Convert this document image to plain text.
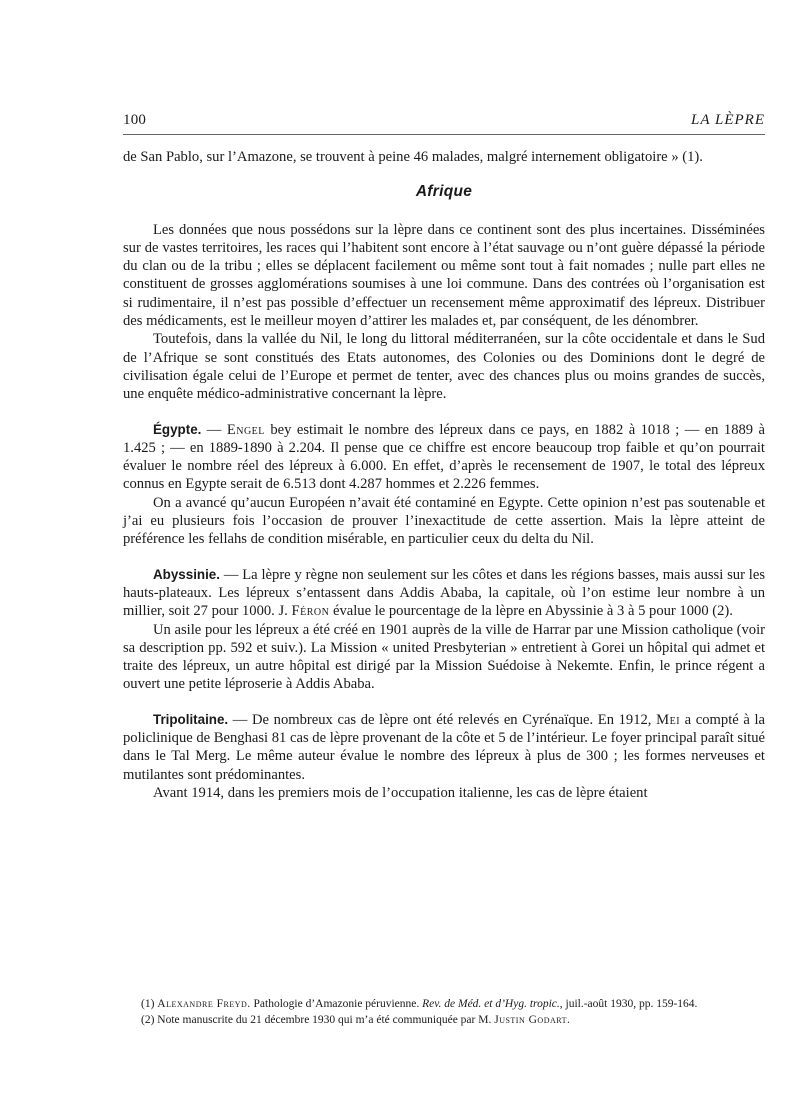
100	LA LÈPRE

de San Pablo, sur l’Amazone, se trouvent à peine 46 malades, malgré internement obligatoire » (1).

Afrique

Les données que nous possédons sur la lèpre dans ce continent sont des plus incertaines. Disséminées sur de vastes territoires, les races qui l’habitent sont encore à l’état sauvage ou n’ont guère dépassé la période du clan ou de la tribu ; elles se déplacent facilement ou même sont tout à fait nomades ; nulle part elles ne constituent de grosses agglomérations soumises à une loi commune. Dans des contrées où l’organisation est si rudimentaire, il n’est pas possible d’effectuer un recensement même approximatif des lépreux. Distribuer des médicaments, est le meilleur moyen d’attirer les malades et, par conséquent, de les dénombrer.

Toutefois, dans la vallée du Nil, le long du littoral méditerranéen, sur la côte occidentale et dans le Sud de l’Afrique se sont constitués des Etats autonomes, des Colonies ou des Dominions dont le degré de civilisation égale celui de l’Europe et permet de tenter, avec des chances plus ou moins grandes de succès, une enquête médico-administrative concernant la lèpre.

Égypte. — Engel bey estimait le nombre des lépreux dans ce pays, en 1882 à 1018 ; — en 1889 à 1.425 ; — en 1889-1890 à 2.204. Il pense que ce chiffre est encore beaucoup trop faible et qu’on pourrait évaluer le nombre réel des lépreux à 6.000. En effet, d’après le recensement de 1907, le total des lépreux connus en Egypte serait de 6.513 dont 4.287 hommes et 2.226 femmes.

On a avancé qu’aucun Européen n’avait été contaminé en Egypte. Cette opinion n’est pas soutenable et j’ai eu plusieurs fois l’occasion de prouver l’inexactitude de cette assertion. Mais la lèpre atteint de préférence les fellahs de condition misérable, en particulier ceux du delta du Nil.

Abyssinie. — La lèpre y règne non seulement sur les côtes et dans les régions basses, mais aussi sur les hauts-plateaux. Les lépreux s’entassent dans Addis Ababa, la capitale, où l’on estime leur nombre à un millier, soit 27 pour 1000. J. Féron évalue le pourcentage de la lèpre en Abyssinie à 3 à 5 pour 1000 (2).

Un asile pour les lépreux a été créé en 1901 auprès de la ville de Harrar par une Mission catholique (voir sa description pp. 592 et suiv.). La Mission « united Presbyterian » entretient à Gorei un hôpital qui admet et traite des lépreux, un autre hôpital est dirigé par la Mission Suédoise à Nekemte. Enfin, le prince régent a ouvert une petite léproserie à Addis Ababa.

Tripolitaine. — De nombreux cas de lèpre ont été relevés en Cyrénaïque. En 1912, Mei a compté à la policlinique de Benghasi 81 cas de lèpre provenant de la côte et 5 de l’intérieur. Le foyer principal paraît situé dans le Tal Merg. Le même auteur évalue le nombre des lépreux à plus de 300 ; les formes nerveuses et mutilantes sont prédominantes.

Avant 1914, dans les premiers mois de l’occupation italienne, les cas de lèpre étaient

(1) Alexandre Freyd. Pathologie d’Amazonie péruvienne. Rev. de Méd. et d’Hyg. tropic., juil.-août 1930, pp. 159-164.

(2) Note manuscrite du 21 décembre 1930 qui m’a été communiquée par M. Justin Godart.
